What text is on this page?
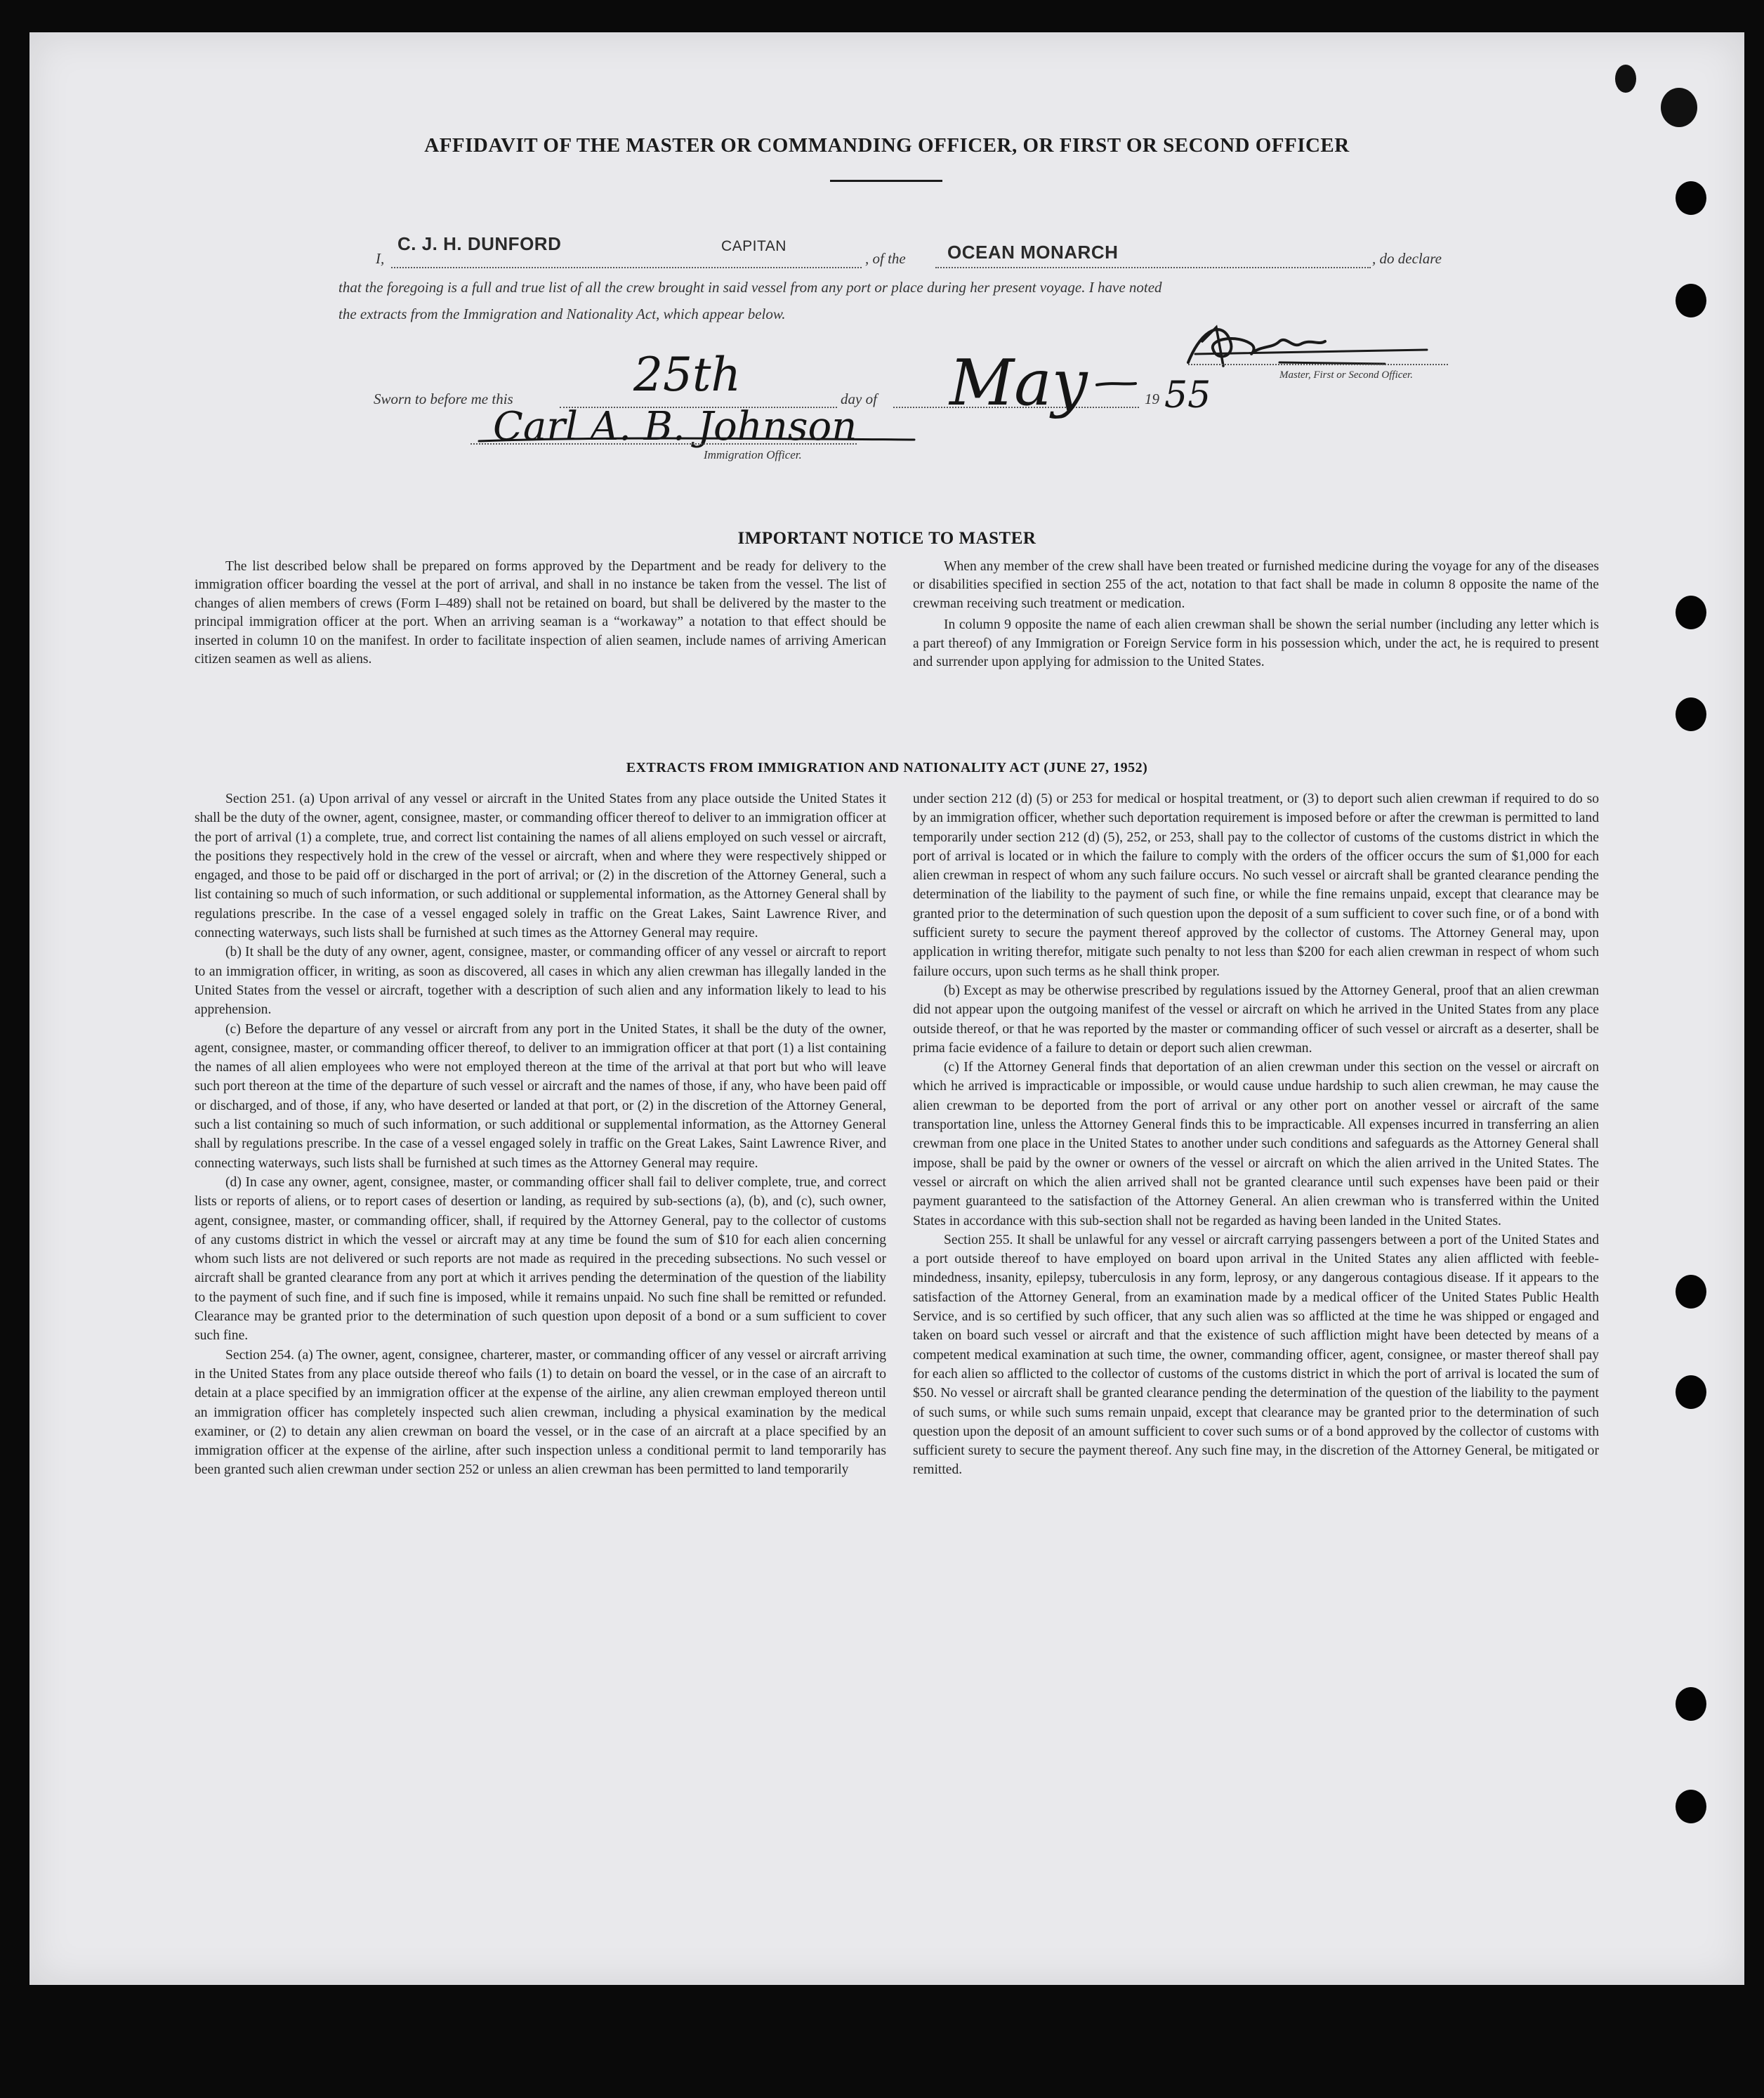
AFFIDAVIT OF THE MASTER OR COMMANDING OFFICER, OR FIRST OR SECOND OFFICER
I,
C. J. H. DUNFORD	CAPITAN
, of the OCEAN MONARCH	, do declare
that the foregoing is a full and true list of all the crew brought in said vessel from any port or place during her present voyage. I have noted
the extracts from the Immigration and Nationality Act, which appear below.
Master, First or Second Officer.
Sworn to before me this	25th	day of May	19 55
Carl A. B. Johnson
Immigration Officer.
IMPORTANT NOTICE TO MASTER

The list described below shall be prepared on forms approved by the Department and be ready for delivery to the immigration officer boarding the vessel at the port of arrival, and shall in no instance be taken from the vessel. The list of changes of alien members of crews (Form I–489) shall not be retained on board, but shall be delivered by the master to the principal immigration officer at the port. When an arriving seaman is a “workaway” a notation to that effect should be inserted in column 10 on the manifest. In order to facilitate inspection of alien seamen, include names of arriving American citizen seamen as well as aliens.

When any member of the crew shall have been treated or furnished medicine during the voyage for any of the diseases or disabilities specified in section 255 of the act, notation to that fact shall be made in column 8 opposite the name of the crewman receiving such treatment or medication.

In column 9 opposite the name of each alien crewman shall be shown the serial number (including any letter which is a part thereof) of any Immigration or Foreign Service form in his possession which, under the act, he is required to present and surrender upon applying for admission to the United States.

EXTRACTS FROM IMMIGRATION AND NATIONALITY ACT (JUNE 27, 1952)

Section 251. (a) Upon arrival of any vessel or aircraft in the United States from any place outside the United States it shall be the duty of the owner, agent, consignee, master, or commanding officer thereof to deliver to an immigration officer at the port of arrival (1) a complete, true, and correct list containing the names of all aliens employed on such vessel or aircraft, the positions they respectively hold in the crew of the vessel or aircraft, when and where they were respectively shipped or engaged, and those to be paid off or discharged in the port of arrival; or (2) in the discretion of the Attorney General, such a list containing so much of such information, or such additional or supplemental information, as the Attorney General shall by regulations prescribe. In the case of a vessel engaged solely in traffic on the Great Lakes, Saint Lawrence River, and connecting waterways, such lists shall be furnished at such times as the Attorney General may require.

(b) It shall be the duty of any owner, agent, consignee, master, or commanding officer of any vessel or aircraft to report to an immigration officer, in writing, as soon as discovered, all cases in which any alien crewman has illegally landed in the United States from the vessel or aircraft, together with a description of such alien and any information likely to lead to his apprehension.

(c) Before the departure of any vessel or aircraft from any port in the United States, it shall be the duty of the owner, agent, consignee, master, or commanding officer thereof, to deliver to an immigration officer at that port (1) a list containing the names of all alien employees who were not employed thereon at the time of the arrival at that port but who will leave such port thereon at the time of the departure of such vessel or aircraft and the names of those, if any, who have been paid off or discharged, and of those, if any, who have deserted or landed at that port, or (2) in the discretion of the Attorney General, such a list containing so much of such information, or such additional or supplemental information, as the Attorney General shall by regulations prescribe. In the case of a vessel engaged solely in traffic on the Great Lakes, Saint Lawrence River, and connecting waterways, such lists shall be furnished at such times as the Attorney General may require.

(d) In case any owner, agent, consignee, master, or commanding officer shall fail to deliver complete, true, and correct lists or reports of aliens, or to report cases of desertion or landing, as required by sub-sections (a), (b), and (c), such owner, agent, consignee, master, or commanding officer, shall, if required by the Attorney General, pay to the collector of customs of any customs district in which the vessel or aircraft may at any time be found the sum of $10 for each alien concerning whom such lists are not delivered or such reports are not made as required in the preceding subsections. No such vessel or aircraft shall be granted clearance from any port at which it arrives pending the determination of the question of the liability to the payment of such fine, and if such fine is imposed, while it remains unpaid. No such fine shall be remitted or refunded. Clearance may be granted prior to the determination of such question upon deposit of a bond or a sum sufficient to cover such fine.

Section 254. (a) The owner, agent, consignee, charterer, master, or commanding officer of any vessel or aircraft arriving in the United States from any place outside thereof who fails (1) to detain on board the vessel, or in the case of an aircraft to detain at a place specified by an immigration officer at the expense of the airline, any alien crewman employed thereon until an immigration officer has completely inspected such alien crewman, including a physical examination by the medical examiner, or (2) to detain any alien crewman on board the vessel, or in the case of an aircraft at a place specified by an immigration officer at the expense of the airline, after such inspection unless a conditional permit to land temporarily has been granted such alien crewman under section 252 or unless an alien crewman has been permitted to land temporarily

under section 212 (d) (5) or 253 for medical or hospital treatment, or (3) to deport such alien crewman if required to do so by an immigration officer, whether such deportation requirement is imposed before or after the crewman is permitted to land temporarily under section 212 (d) (5), 252, or 253, shall pay to the collector of customs of the customs district in which the port of arrival is located or in which the failure to comply with the orders of the officer occurs the sum of $1,000 for each alien crewman in respect of whom any such failure occurs. No such vessel or aircraft shall be granted clearance pending the determination of the liability to the payment of such fine, or while the fine remains unpaid, except that clearance may be granted prior to the determination of such question upon the deposit of a sum sufficient to cover such fine, or of a bond with sufficient surety to secure the payment thereof approved by the collector of customs. The Attorney General may, upon application in writing therefor, mitigate such penalty to not less than $200 for each alien crewman in respect of whom such failure occurs, upon such terms as he shall think proper.

(b) Except as may be otherwise prescribed by regulations issued by the Attorney General, proof that an alien crewman did not appear upon the outgoing manifest of the vessel or aircraft on which he arrived in the United States from any place outside thereof, or that he was reported by the master or commanding officer of such vessel or aircraft as a deserter, shall be prima facie evidence of a failure to detain or deport such alien crewman.

(c) If the Attorney General finds that deportation of an alien crewman under this section on the vessel or aircraft on which he arrived is impracticable or impossible, or would cause undue hardship to such alien crewman, he may cause the alien crewman to be deported from the port of arrival or any other port on another vessel or aircraft of the same transportation line, unless the Attorney General finds this to be impracticable. All expenses incurred in transferring an alien crewman from one place in the United States to another under such conditions and safeguards as the Attorney General shall impose, shall be paid by the owner or owners of the vessel or aircraft on which the alien arrived in the United States. The vessel or aircraft on which the alien arrived shall not be granted clearance until such expenses have been paid or their payment guaranteed to the satisfaction of the Attorney General. An alien crewman who is transferred within the United States in accordance with this sub-section shall not be regarded as having been landed in the United States.

Section 255. It shall be unlawful for any vessel or aircraft carrying passengers between a port of the United States and a port outside thereof to have employed on board upon arrival in the United States any alien afflicted with feeble-mindedness, insanity, epilepsy, tuberculosis in any form, leprosy, or any dangerous contagious disease. If it appears to the satisfaction of the Attorney General, from an examination made by a medical officer of the United States Public Health Service, and is so certified by such officer, that any such alien was so afflicted at the time he was shipped or engaged and taken on board such vessel or aircraft and that the existence of such affliction might have been detected by means of a competent medical examination at such time, the owner, commanding officer, agent, consignee, or master thereof shall pay for each alien so afflicted to the collector of customs of the customs district in which the port of arrival is located the sum of $50. No vessel or aircraft shall be granted clearance pending the determination of the question of the liability to the payment of such sums, or while such sums remain unpaid, except that clearance may be granted prior to the determination of such question upon the deposit of an amount sufficient to cover such sums or of a bond approved by the collector of customs with sufficient surety to secure the payment thereof. Any such fine may, in the discretion of the Attorney General, be mitigated or remitted.
